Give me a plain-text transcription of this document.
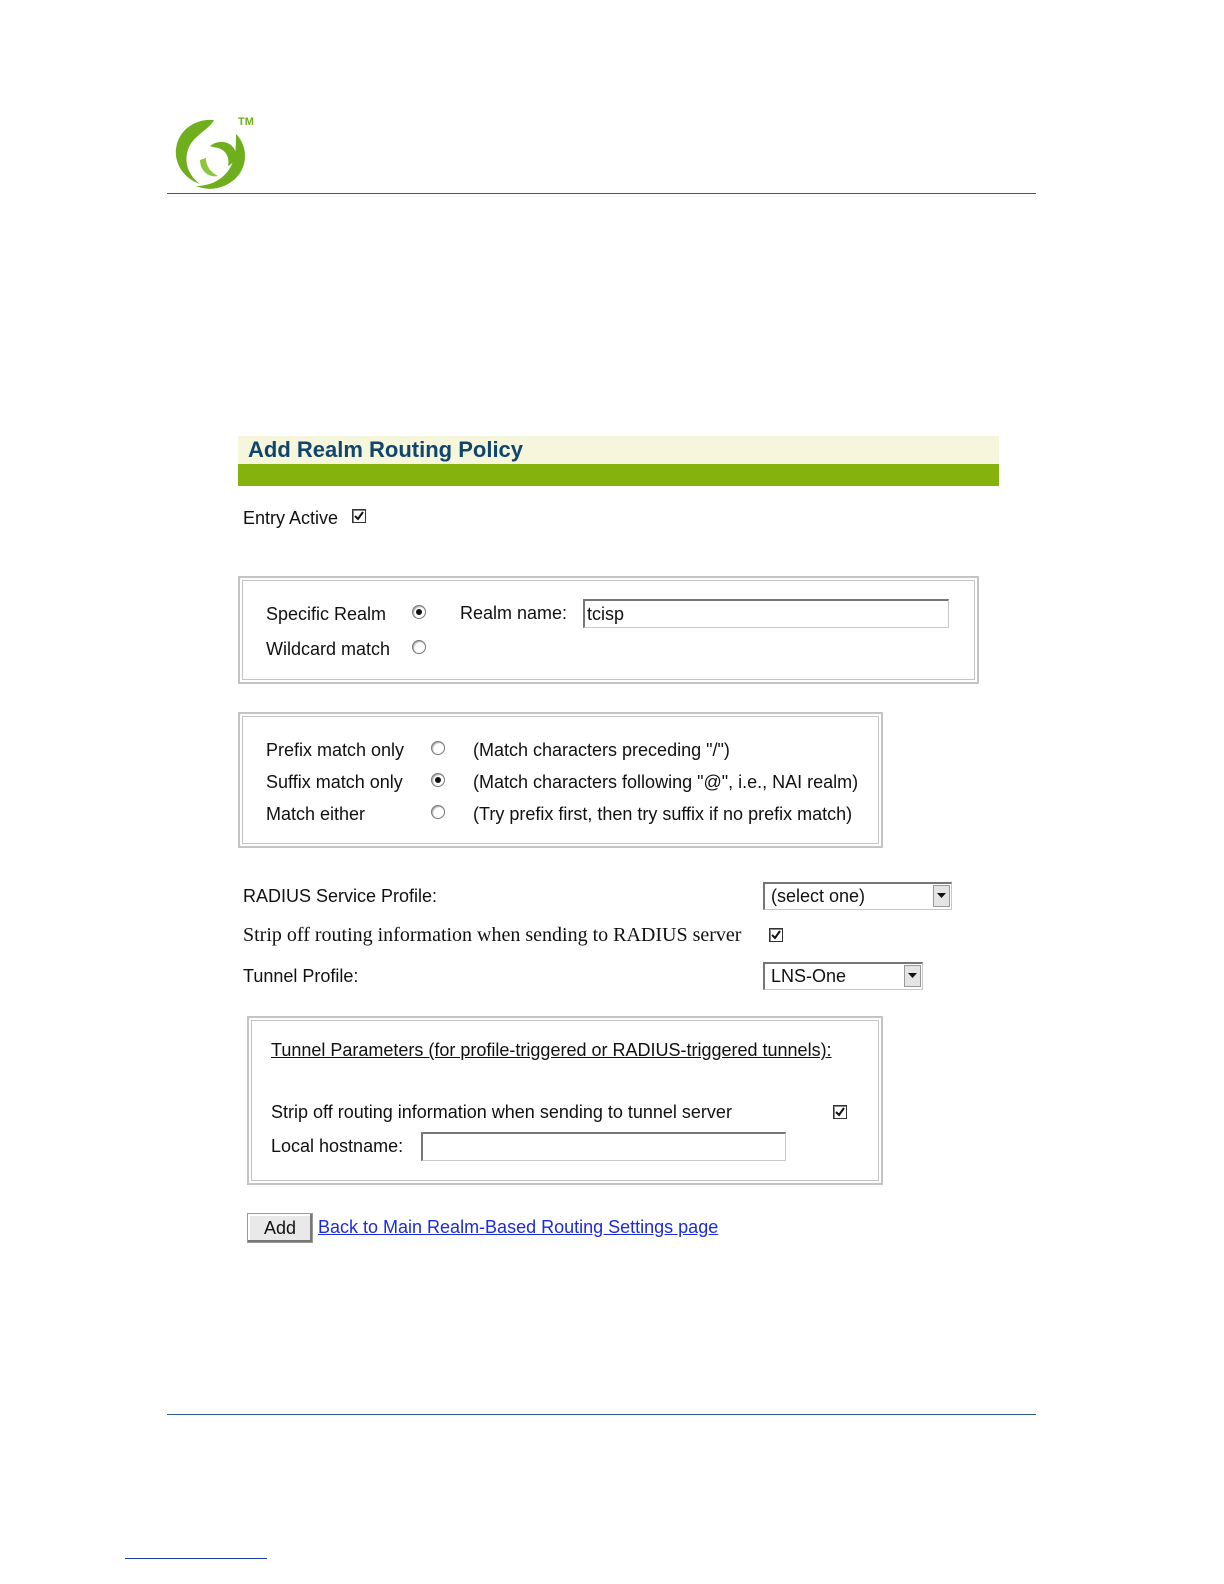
TM
Add Realm Routing Policy
Entry Active
Specific Realm
Wildcard match
Realm name:
tcisp
Prefix match only	(Match characters preceding "/")
Suffix match only	(Match characters following "@", i.e., NAI realm)
Match either	(Try prefix first, then try suffix if no prefix match)
RADIUS Service Profile:	(select one)
Strip off routing information when sending to RADIUS server
Tunnel Profile:	LNS-One
Tunnel Parameters (for profile-triggered or RADIUS-triggered tunnels):
Strip off routing information when sending to tunnel server
Local hostname:
Add	Back to Main Realm-Based Routing Settings page
